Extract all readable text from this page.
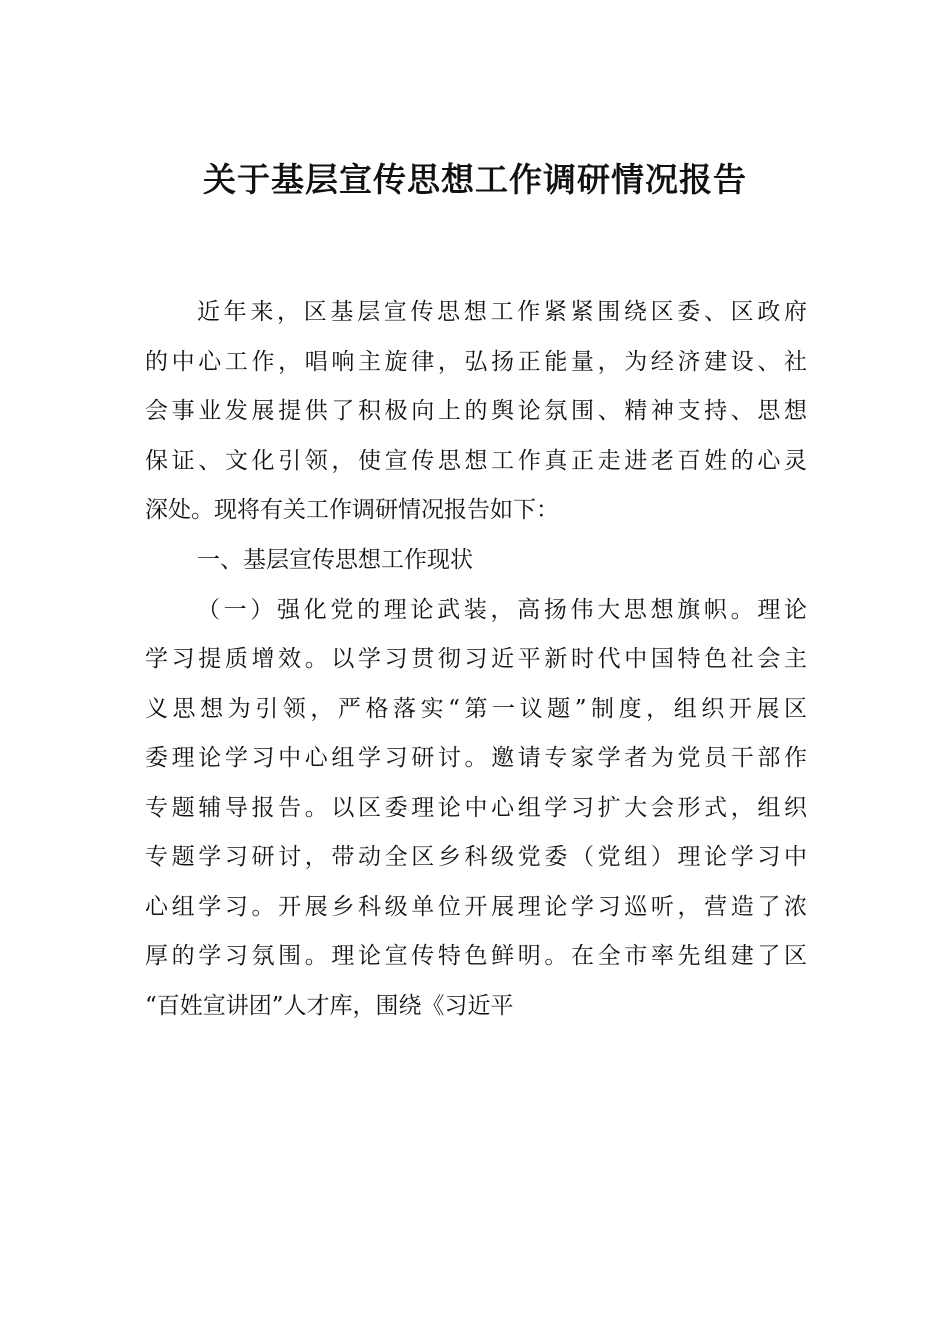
关于基层宣传思想工作调研情况报告

近年来，区基层宣传思想工作紧紧围绕区委、区政府

的中心工作，唱响主旋律，弘扬正能量，为经济建设、社

会事业发展提供了积极向上的舆论氛围、精神支持、思想

保证、文化引领，使宣传思想工作真正走进老百姓的心灵

深处。现将有关工作调研情况报告如下：

一、基层宣传思想工作现状

（一）强化党的理论武装，高扬伟大思想旗帜。理论

学习提质增效。以学习贯彻习近平新时代中国特色社会主

义思想为引领，严格落实“第一议题”制度，组织开展区

委理论学习中心组学习研讨。邀请专家学者为党员干部作

专题辅导报告。以区委理论中心组学习扩大会形式，组织

专题学习研讨，带动全区乡科级党委（党组）理论学习中

心组学习。开展乡科级单位开展理论学习巡听，营造了浓

厚的学习氛围。理论宣传特色鲜明。在全市率先组建了区

“百姓宣讲团”人才库，围绕《习近平
